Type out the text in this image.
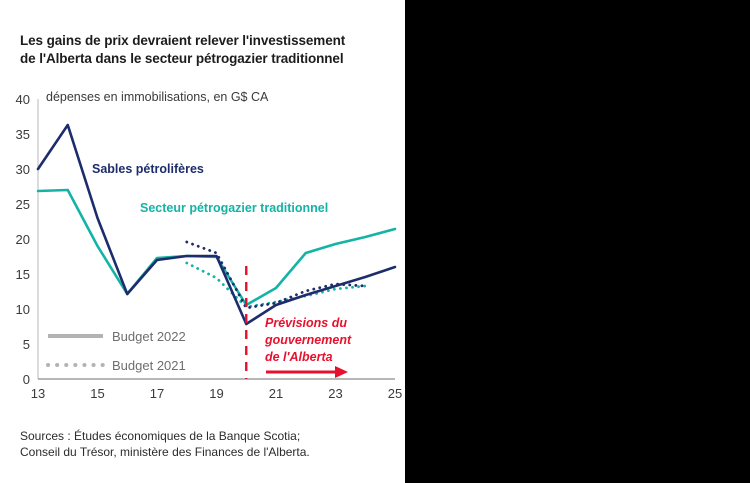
Les gains de prix devraient relever l'investissement
de l'Alberta dans le secteur pétrogazier traditionnel
dépenses en immobilisations, en G$ CA
40
35
30
25
20
15
10
5
0
13	15	17	19	21	23	25
Sables pétrolifères
Secteur pétrogazier traditionnel
Prévisions du
gouvernement
de l'Alberta
Budget 2022
Budget 2021
Sources : Études économiques de la Banque Scotia;
Conseil du Trésor, ministère des Finances de l'Alberta.
